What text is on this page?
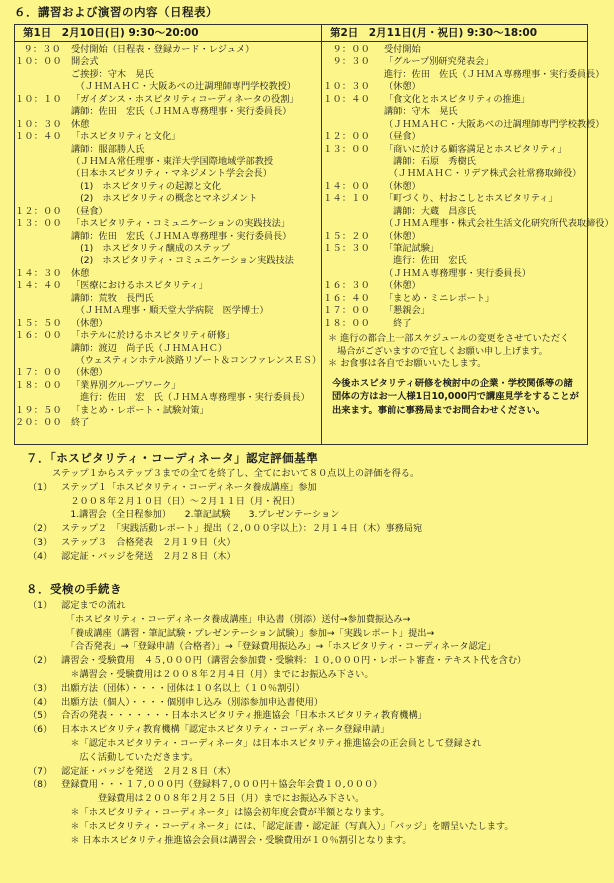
６．講習および演習の内容（日程表）
第1日　2月10日(日) 9:30～20:00
９：３０	受付開始（日程表・登録カード・レジュメ）
１０：００ 開会式
ご挨拶：守木　晃氏
　（ＪＨＭＡＨＣ・大阪あべの辻調理師専門学校教授）
１０：１０ 「ガイダンス・ホスピタリティコーディネータの役割」
講師：佐田　宏氏（ＪＨＭＡ専務理事・実行委員長）
１０：３０ 休憩
１０：４０ 「ホスピタリティと文化」
講師：服部勝人氏
（ＪＨＭＡ常任理事・東洋大学国際地域学部教授
（日本ホスピタリティ・マネジメント学会会長）
　(1)　ホスピタリティの起源と文化
　(2)　ホスピタリティの概念とマネジメント
１２：００ （昼食）
１３：００ 「ホスピタリティ・コミュニケーションの実践技法」
講師：佐田　宏氏（ＪＨＭＡ専務理事・実行委員長）
　(1)　ホスピタリティ醸成のステップ
　(2)　ホスピタリティ・コミュニケーション実践技法
１４：３０ 休憩
１４：４０ 「医療におけるホスピタリティ」
講師：荒牧　長門氏
　（ＪＨＭＡ理事・順天堂大学病院　医学博士）
１５：５０ （休憩）
１６：００ 「ホテルに於けるホスピタリティ研修」
講師：渡辺　尚子氏（ＪＨＭＡＨＣ）
　（ウェスティンホテル淡路リゾート＆コンファレンスＥＳ）
１７：００ （休憩）
１８：００ 「業界別グループワーク」
　進行：佐田　宏　氏（ＪＨＭＡ専務理事・実行委員長）
１９：５０ 「まとめ・レポート・試験対策」
２０：００ 終了
第2日　2月11日(月・祝日) 9:30～18:00
９：００	受付開始
９：３０	「グループ別研究発表会」
進行：佐田　佐氏（ＪＨＭＡ専務理事・実行委員長）
１０：３０	（休憩）
１０：４０	「食文化とホスピタリティの推進」
講師：守木　晃氏
（ＪＨＭＡＨＣ・大阪あべの辻調理師専門学校教授）
１２：００	（昼食）
１３：００	「商いに於ける顧客満足とホスピタリティ」
　講師：石原　秀樹氏
　（ＪＨＭＡＨＣ・リデア株式会社常務取締役）
１４：００	（休憩）
１４：１０	「町づくり、村おこしとホスピタリティ」
　講師：大蔵　昌彦氏
（ＪＨＭＡ理事・株式会社生活文化研究所代表取締役）
１５：２０	（休憩）
１５：３０	「筆記試験」
　進行：佐田　宏氏
（ＪＨＭＡ専務理事・実行委員長）
１６：３０	（休憩）
１６：４０	「まとめ・ミニレポート」
１７：００	「懇親会」
１８：００	　終了
＊ 進行の都合上一部スケジュールの変更をさせていただく
　場合がございますので宜しくお願い申し上げます。
＊ お食事は各自でお願いいたします。
今後ホスピタリティ研修を検討中の企業・学校関係等の諸団体の方はお一人様1日10,000円で講座見学をすることが出来ます。事前に事務局までお問合わせください。
７．「ホスピタリティ・コーディネータ」認定評価基準
ステップ１からステップ３までの全てを終了し、全てにおいて８０点以上の評価を得る。
（1） 　ステップ１「ホスピタリティ・コーディネータ養成講座」参加
　　２００８年２月１０日（日）～２月１１日（月・祝日）
　　1.講習会（全日程参加）　　2.筆記試験　　3.プレゼンテーション
（2） 　ステップ２　「実践活動レポート」提出（２,０００字以上）：２月１４日（木）事務局宛
（3） 　ステップ３　合格発表　２月１９日（火）
（4） 　認定証・バッジを発送　２月２８日（木）
８．受検の手続き
（1） 　認定までの流れ
　　「ホスピタリティ・コーディネータ養成講座」申込書（別添）送付→参加費振込み→
　　「養成講座（講習・筆記試験・プレゼンテーション試験）」参加→「実践レポート」提出→
　　「合否発表」→「登録申請（合格者）」→「登録費用振込み」→「ホスピタリティ・コーディネータ認定」
（2） 　講習会・受験費用　４５,０００円（講習会参加費・受験料：１０,０００円・レポート審査・テキスト代を含む）
　　＊講習会・受験費用は２００８年２月４日（月）までにお振込み下さい。
（3） 　出願方法（団体）・・・・団体は１０名以上（１０％割引）
（4） 　出願方法（個人）・・・・個別申し込み（別添参加申込書使用）
（5） 　合否の発表・・・・・・・日本ホスピタリティ推進協会「日本ホスピタリティ教育機構」
（6） 　日本ホスピタリティ教育機構「認定ホスピタリティ・コーディネータ登録申請」
　　＊「認定ホスピタリティ・コーディネータ」は日本ホスピタリティ推進協会の正会員として登録され
　　　広く活動していただきます。
（7） 　認定証・バッジを発送　２月２８日（木）
（8） 　登録費用・・・１７,０００円（登録料７,０００円＋協会年会費１０,０００）
　　　　　登録費用は２００８年２月２５日（月）までにお振込み下さい。
　　＊「ホスピタリティ・コーディネータ」は協会初年度会費が半額となります。
　　＊「ホスピタリティ・コーディネータ」には、「認定証書・認定証（写真入）」「バッジ」を贈呈いたします。
　　＊ 日本ホスピタリティ推進協会会員は講習会・受験費用が１０％割引となります。
